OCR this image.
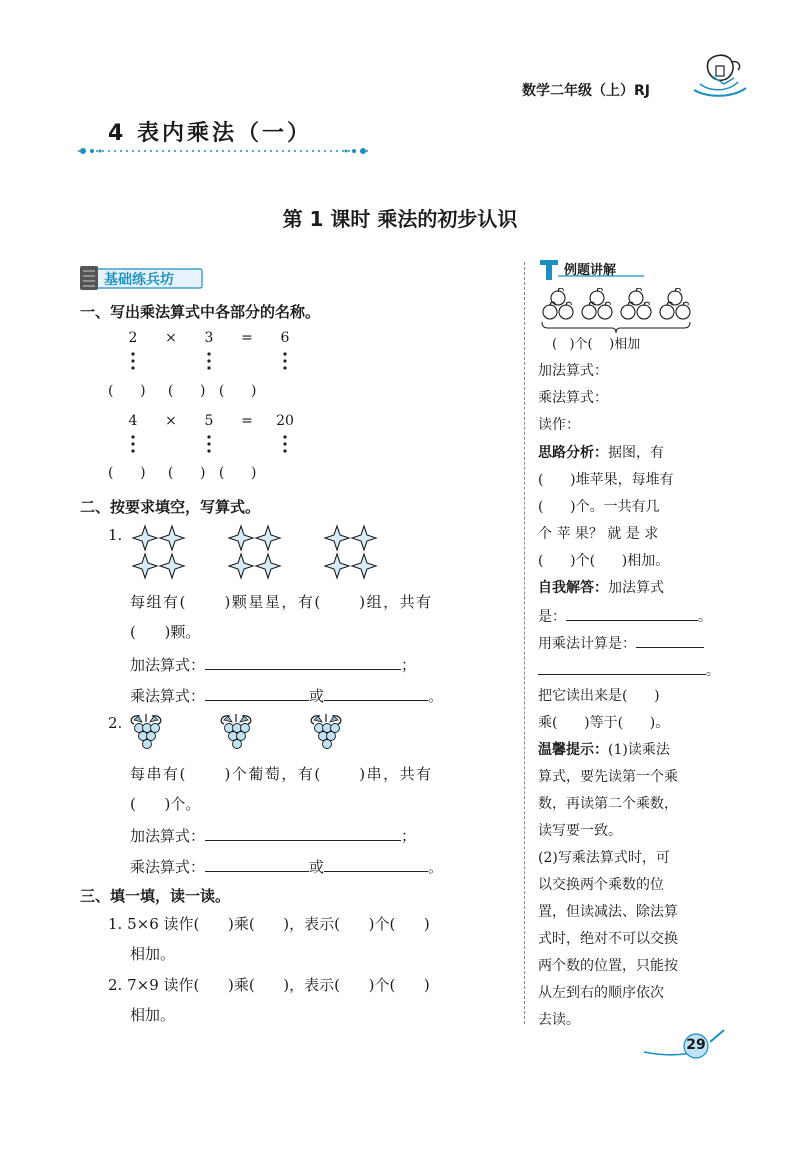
数学二年级（上）RJ
4 表内乘法（一）
第 1 课时 乘法的初步认识
基础练兵坊
一、写出乘法算式中各部分的名称。
2	×	3	=	6
(      )     (      )   (      )
4	×	5	=	20
(      )     (      )   (      )
二、按要求填空，写算式。
1.
每组有(      )颗星星，有(      )组，共有
(      )颗。
加法算式：	；
乘法算式：	或	。
2.
每串有(      )个葡萄，有(      )串，共有
(      )个。
加法算式：	；
乘法算式：	或	。
三、填一填，读一读。
1. 5×6 读作(      )乘(      )，表示(      )个(      )
相加。
2. 7×9 读作(      )乘(      )，表示(      )个(      )
相加。
例题讲解
(   )个(    )相加
加法算式：
乘法算式：
读作：
思路分析：据图，有
(      )堆苹果，每堆有
(      )个。一共有几
个 苹 果？ 就 是 求
(      )个(      )相加。
自我解答：加法算式
是：	。
用乘法计算是：
。
把它读出来是(      )
乘(      )等于(      )。
温馨提示：(1)读乘法
算式，要先读第一个乘
数，再读第二个乘数，
读写要一致。
(2)写乘法算式时，可
以交换两个乘数的位
置，但读减法、除法算
式时，绝对不可以交换
两个数的位置，只能按
从左到右的顺序依次
去读。
29
